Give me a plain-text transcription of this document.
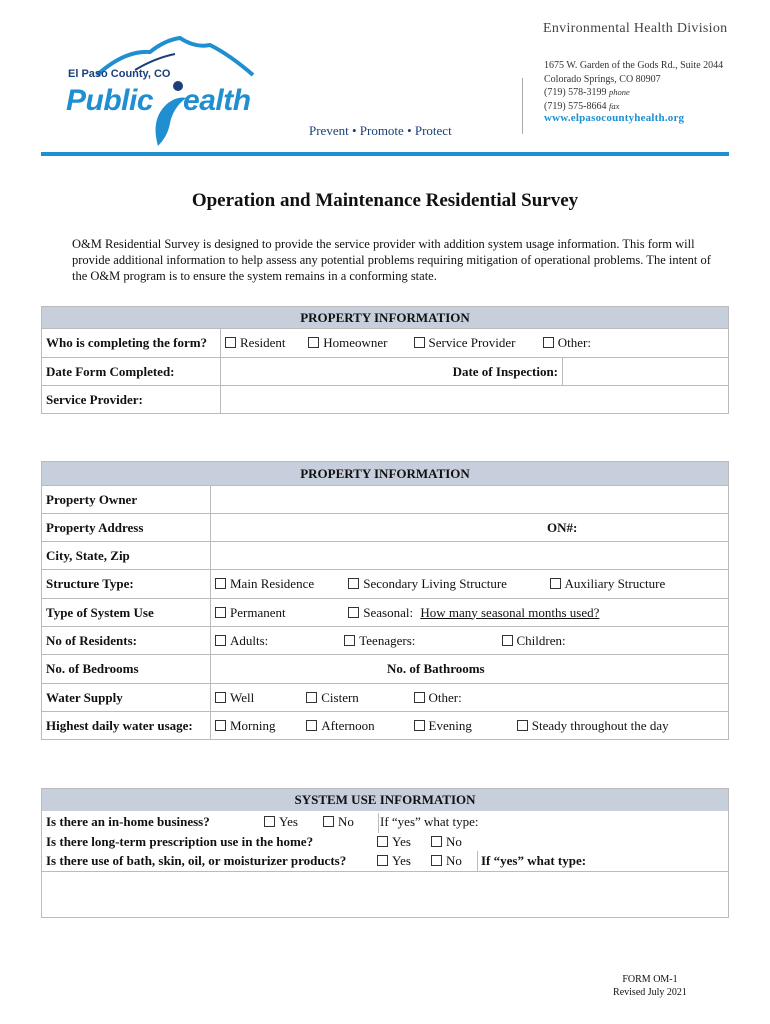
El Paso County, CO
Public ealth
Prevent • Promote • Protect
Environmental Health Division
1675 W. Garden of the Gods Rd., Suite 2044
Colorado Springs, CO 80907
(719) 578-3199 phone
(719) 575-8664 fax
www.elpasocountyhealth.org
Operation and Maintenance Residential Survey
O&M Residential Survey is designed to provide the service provider with addition system usage information. This form will provide additional information to help assess any potential problems requiring mitigation of operational problems. The intent of the O&M program is to ensure the system remains in a conforming state.
PROPERTY INFORMATION		
Who is completing the form?	Resident Homeowner Service Provider Other:	
Date Form Completed:	Date of Inspection:	
Service Provider:		
PROPERTY INFORMATION	
Property Owner	
Property Address	ON#:
City, State, Zip	
Structure Type:	Main Residence Secondary Living Structure Auxiliary Structure
Type of System Use	Permanent Seasonal: How many seasonal months used?
No of Residents:	Adults: Teenagers: Children:
No. of Bedrooms	No. of Bathrooms
Water Supply	Well Cistern Other:
Highest daily water usage:	Morning Afternoon Evening Steady throughout the day
SYSTEM USE INFORMATION
Is there an in-home business?	Yes	No If “yes” what type:
Is there long-term prescription use in the home?	Yes	No
Is there use of bath, skin, oil, or moisturizer products?	Yes	No If “yes” what type:
FORM OM-1
Revised July 2021
